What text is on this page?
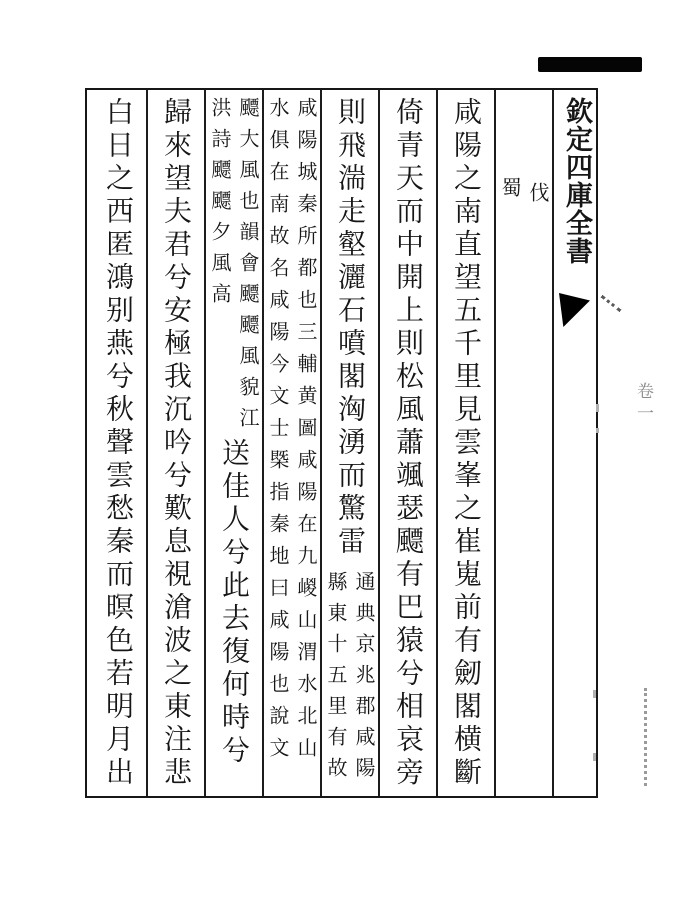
欽定四庫全書
伐
蜀
咸陽之南直望五千里見雲峯之崔嵬前有劒閣横斷
倚青天而中開上則松風蕭颯瑟飃有巴猿兮相哀旁
則飛湍走壑灑石噴閣洶湧而驚雷
通典京兆郡咸陽
縣東十五里有故
咸陽城秦所都也三輔黄圖咸陽在九嵕山渭水北山
水俱在南故名咸陽今文士槩指秦地曰咸陽也說文
飃大風也韻會飃飃風貌江
洪詩飃飃夕風高
送佳人兮此去復何時兮
歸來望夫君兮安極我沉吟兮歎息視滄波之東注悲
白日之西匿鴻别燕兮秋聲雲愁秦而暝色若明月出	卷一
